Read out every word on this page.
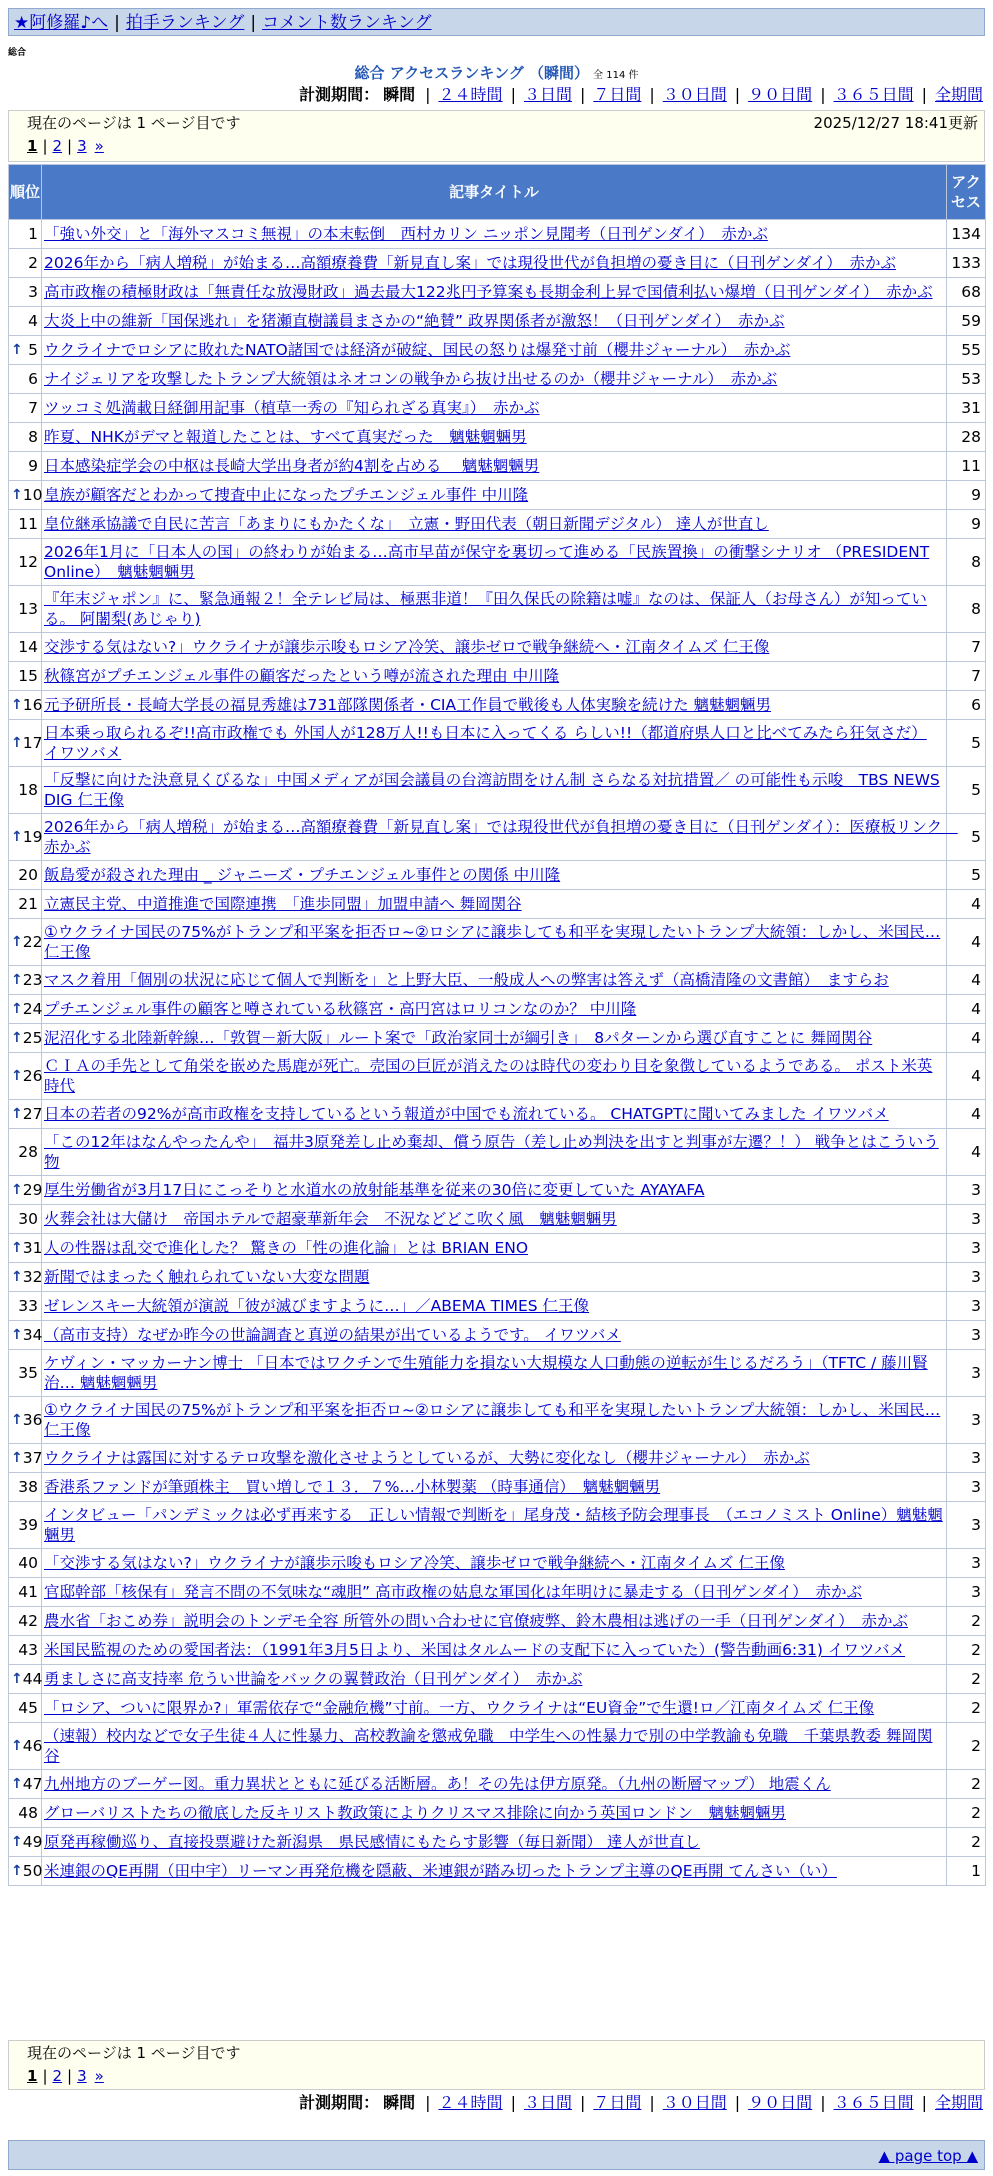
★阿修羅♪へ | 拍手ランキング | コメント数ランキング
総合
総合 アクセスランキング （瞬間） 全 114 件
計測期間： 瞬間 | ２４時間 | ３日間 | ７日間 | ３０日間 | ９０日間 | ３６５日間 | 全期間
現在のページは 1 ページ目です	2025/12/27 18:41更新
1 | 2 | 3 »
順位	記事タイトル	アクセス
1	「強い外交」と「海外マスコミ無視」の本末転倒　西村カリン ニッポン見聞考（日刊ゲンダイ）　赤かぶ	134
2	2026年から「病人増税」が始まる…高額療養費「新見直し案」では現役世代が負担増の憂き目に（日刊ゲンダイ）　赤かぶ	133
3	高市政権の積極財政は「無責任な放漫財政」過去最大122兆円予算案も長期金利上昇で国債利払い爆増（日刊ゲンダイ）　赤かぶ	68
4	大炎上中の維新「国保逃れ」を猪瀬直樹議員まさかの“絶賛” 政界関係者が激怒！（日刊ゲンダイ）　赤かぶ	59

↑ 5	ウクライナでロシアに敗れたNATO諸国では経済が破綻、国民の怒りは爆発寸前（櫻井ジャーナル）　赤かぶ	55
6	ナイジェリアを攻撃したトランプ大統領はネオコンの戦争から抜け出せるのか（櫻井ジャーナル）　赤かぶ	53
7	ツッコミ処満載日経御用記事（植草一秀の『知られざる真実』）　赤かぶ	31
8	昨夏、NHKがデマと報道したことは、すべて真実だった　魑魅魍魎男	28
9	日本感染症学会の中枢は長崎大学出身者が約4割を占める　 魑魅魍魎男	11

↑ 10	皇族が顧客だとわかって捜査中止になったプチエンジェル事件 中川隆	9
11	皇位継承協議で自民に苦言「あまりにもかたくな」　立憲・野田代表（朝日新聞デジタル） 達人が世直し	9
12	2026年1月に「日本人の国」の終わりが始まる…高市早苗が保守を裏切って進める「民族置換」の衝撃シナリオ （PRESIDENT Online）　魑魅魍魎男	8
13	『年末ジャポン』に、緊急通報２！全テレビ局は、極悪非道！『田久保氏の除籍は嘘』なのは、保証人（お母さん）が知っている。 阿闍梨(あじゃり)	8
14	交渉する気はない?」ウクライナが譲歩示唆もロシア冷笑、譲歩ゼロで戦争継続へ・江南タイムズ 仁王像	7
15	秋篠宮がプチエンジェル事件の顧客だったという噂が流された理由 中川隆	7

↑ 16	元予研所長・長崎大学長の福見秀雄は731部隊関係者・CIA工作員で戦後も人体実験を続けた 魑魅魍魎男	6

↑ 17	日本乗っ取られるぞ!!高市政権でも 外国人が128万人!!も日本に入ってくる らしい!!（都道府県人口と比べてみたら狂気さだ） イワツバメ	5
18	「反撃に向けた決意見くびるな」中国メディアが国会議員の台湾訪問をけん制 さらなる対抗措置／ の可能性も示唆　TBS NEWS DIG 仁王像	5

↑ 19	2026年から「病人増税」が始まる…高額療養費「新見直し案」では現役世代が負担増の憂き目に（日刊ゲンダイ）：医療板リンク　赤かぶ	5
20	飯島愛が殺された理由 _ ジャニーズ・プチエンジェル事件との関係 中川隆	5
21	立憲民主党、中道推進で国際連携　「進歩同盟」加盟申請へ 舞岡関谷	4

↑ 22	①ウクライナ国民の75%がトランプ和平案を拒否ロ~②ロシアに譲歩しても和平を実現したいトランプ大統領：しかし、米国民… 仁王像	4

↑ 23	マスク着用「個別の状況に応じて個人で判断を」と上野大臣、一般成人への弊害は答えず（高橋清隆の文書館）　ますらお	4

↑ 24	プチエンジェル事件の顧客と噂されている秋篠宮・高円宮はロリコンなのか？ 中川隆	4

↑ 25	泥沼化する北陸新幹線…「敦賀－新大阪」ルート案で「政治家同士が綱引き」　8パターンから選び直すことに 舞岡関谷	4

↑ 26	ＣＩＡの手先として角栄を嵌めた馬鹿が死亡。売国の巨匠が消えたのは時代の変わり目を象徴しているようである。 ポスト米英時代	4

↑ 27	日本の若者の92%が高市政権を支持しているという報道が中国でも流れている。 CHATGPTに聞いてみました イワツバメ	4
28	「この12年はなんやったんや」　福井3原発差し止め棄却、償う原告（差し止め判決を出すと判事が左遷？！） 戦争とはこういう物	4

↑ 29	厚生労働省が3月17日にこっそりと水道水の放射能基準を従来の30倍に変更していた AYAYAFA	3
30	火葬会社は大儲け　帝国ホテルで超豪華新年会　不況などどこ吹く風　魑魅魍魎男	3

↑ 31	人の性器は乱交で進化した？ 驚きの「性の進化論」とは BRIAN ENO	3

↑ 32	新聞ではまったく触れられていない大変な問題	3
33	ゼレンスキー大統領が演説「彼が滅びますように…」／ABEMA TIMES 仁王像	3

↑ 34	（高市支持）なぜか昨今の世論調査と真逆の結果が出ているようです。 イワツバメ	3
35	ケヴィン・マッカーナン博士 「日本ではワクチンで生殖能力を損ない大規模な人口動態の逆転が生じるだろう」（TFTC / 藤川賢治… 魑魅魍魎男	3

↑ 36	①ウクライナ国民の75%がトランプ和平案を拒否ロ~②ロシアに譲歩しても和平を実現したいトランプ大統領：しかし、米国民… 仁王像	3

↑ 37	ウクライナは露国に対するテロ攻撃を激化させようとしているが、大勢に変化なし（櫻井ジャーナル）　赤かぶ	3
38	香港系ファンドが筆頭株主　買い増しで１３．７%…小林製薬 （時事通信）　魑魅魍魎男	3
39	インタビュー「パンデミックは必ず再来する　正しい情報で判断を」尾身茂・結核予防会理事長　（エコノミスト Online）魑魅魍魎男	3
40	「交渉する気はない?」ウクライナが譲歩示唆もロシア冷笑、譲歩ゼロで戦争継続へ・江南タイムズ 仁王像	3
41	官邸幹部「核保有」発言不問の不気味な“魂胆” 高市政権の姑息な軍国化は年明けに暴走する（日刊ゲンダイ）　赤かぶ	3
42	農水省「おこめ券」説明会のトンデモ全容 所管外の問い合わせに官僚疲弊、鈴木農相は逃げの一手（日刊ゲンダイ）　赤かぶ	2
43	米国民監視のための愛国者法：（1991年3月5日より、米国はタルムードの支配下に入っていた）(警告動画6:31) イワツバメ	2

↑ 44	勇ましさに高支持率 危うい世論をバックの翼賛政治（日刊ゲンダイ）　赤かぶ	2
45	「ロシア、ついに限界か?」軍需依存で“金融危機”寸前。一方、ウクライナは“EU資金”で生還!ロ／江南タイムズ 仁王像	2

↑ 46	（速報）校内などで女子生徒４人に性暴力、高校教諭を懲戒免職　中学生への性暴力で別の中学教諭も免職　千葉県教委 舞岡関谷	2

↑ 47	九州地方のブーゲー図。重力異状とともに延びる活断層。あ！その先は伊方原発。（九州の断層マップ） 地震くん	2
48	グローバリストたちの徹底した反キリスト教政策によりクリスマス排除に向かう英国ロンドン　魑魅魍魎男	2

↑ 49	原発再稼働巡り、直接投票避けた新潟県　県民感情にもたらす影響（毎日新聞） 達人が世直し	2

↑ 50	米連銀のQE再開（田中宇）リーマン再発危機を隠蔽、米連銀が踏み切ったトランプ主導のQE再開 てんさい（い）	1
現在のページは 1 ページ目です
1 | 2 | 3 »
計測期間： 瞬間 | ２４時間 | ３日間 | ７日間 | ３０日間 | ９０日間 | ３６５日間 | 全期間
▲ page top ▲
